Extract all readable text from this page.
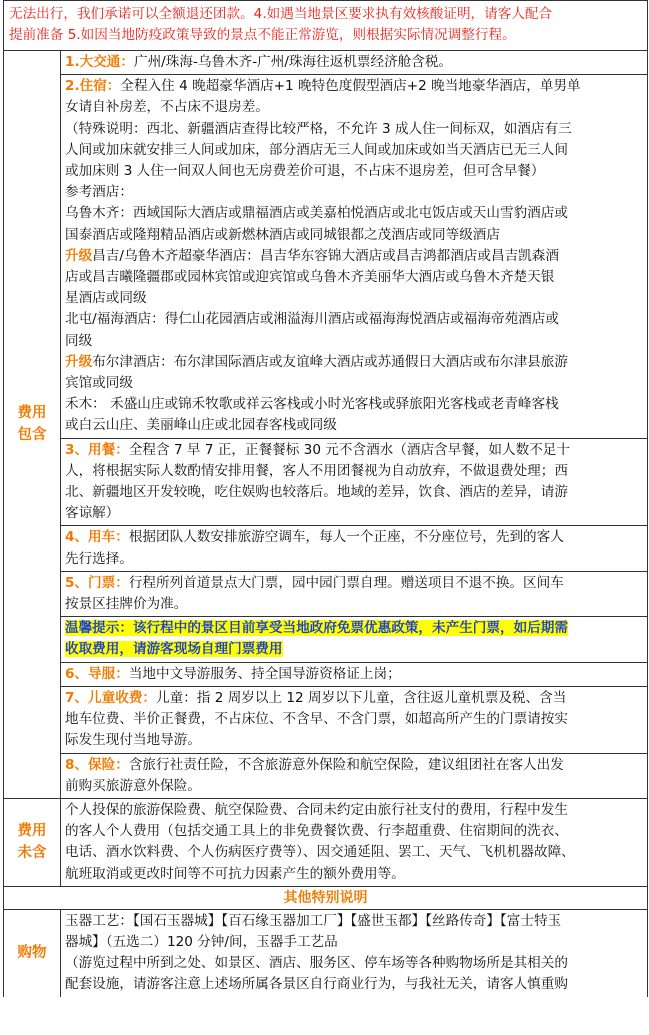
无法出行，我们承诺可以全额退还团款。4.如遇当地景区要求执有效核酸证明，请客人配合
提前准备 5.如因当地防疫政策导致的景点不能正常游览，则根据实际情况调整行程。
费用
包含
1.大交通：广州/珠海-乌鲁木齐-广州/珠海往返机票经济舱含税。
2.住宿：全程入住 4 晚超豪华酒店+1 晚特色度假型酒店+2 晚当地豪华酒店，单男单
女请自补房差，不占床不退房差。
（特殊说明：西北、新疆酒店查得比较严格，不允许 3 成人住一间标双，如酒店有三
人间或加床就安排三人间或加床，部分酒店无三人间或加床或如当天酒店已无三人间
或加床则 3 人住一间双人间也无房费差价可退，不占床不退房差，但可含早餐）
参考酒店：
乌鲁木齐：西域国际大酒店或鼎福酒店或美嘉柏悦酒店或北屯饭店或天山雪豹酒店或
国泰酒店或隆翔精品酒店或新燃林酒店或同城银都之茂酒店或同等级酒店
升级昌吉/乌鲁木齐超豪华酒店：昌吉华东容锦大酒店或昌吉鸿都酒店或昌吉凯森酒
店或昌吉曦隆疆郡或园林宾馆或迎宾馆或乌鲁木齐美丽华大酒店或乌鲁木齐楚天银
星酒店或同级
北屯/福海酒店：得仁山花园酒店或湘溢海川酒店或福海海悦酒店或福海帝苑酒店或
同级
升级布尔津酒店：布尔津国际酒店或友谊峰大酒店或苏通假日大酒店或布尔津县旅游
宾馆或同级
禾木： 禾盛山庄或锦禾牧歌或祥云客栈或小时光客栈或驿旅阳光客栈或老青峰客栈
或白云山庄、美丽峰山庄或北园春客栈或同级
3、用餐：全程含 7 早 7 正，正餐餐标 30 元不含酒水（酒店含早餐，如人数不足十
人，将根据实际人数酌情安排用餐，客人不用团餐视为自动放弃，不做退费处理；西
北、新疆地区开发较晚，吃住娱购也较落后。地域的差异，饮食、酒店的差异，请游
客谅解）
4、用车：根据团队人数安排旅游空调车，每人一个正座，不分座位号，先到的客人
先行选择。
5、门票：行程所列首道景点大门票，园中园门票自理。赠送项目不退不换。区间车
按景区挂牌价为准。
温馨提示：该行程中的景区目前享受当地政府免票优惠政策，未产生门票，如后期需
收取费用，请游客现场自理门票费用
6、导服：当地中文导游服务、持全国导游资格证上岗；
7、儿童收费：儿童：指 2 周岁以上 12 周岁以下儿童，含往返儿童机票及税、含当
地车位费、半价正餐费，不占床位、不含早、不含门票，如超高所产生的门票请按实
际发生现付当地导游。
8、保险：含旅行社责任险，不含旅游意外保险和航空保险，建议组团社在客人出发
前购买旅游意外保险。
费用
未含
个人投保的旅游保险费、航空保险费、合同未约定由旅行社支付的费用，行程中发生
的客人个人费用（包括交通工具上的非免费餐饮费、行李超重费、住宿期间的洗衣、
电话、酒水饮料费、个人伤病医疗费等）、因交通延阻、罢工、天气、飞机机器故障、
航班取消或更改时间等不可抗力因素产生的额外费用等。
其他特别说明
购物
玉器工艺：【国石玉器城】【百石缘玉器加工厂】【盛世玉都】【丝路传奇】【富士特玉
器城】（五选二）120 分钟/间，玉器手工艺品
（游览过程中所到之处、如景区、酒店、服务区、停车场等各种购物场所是其相关的
配套设施，请游客注意上述场所属各景区自行商业行为，与我社无关，请客人慎重购
